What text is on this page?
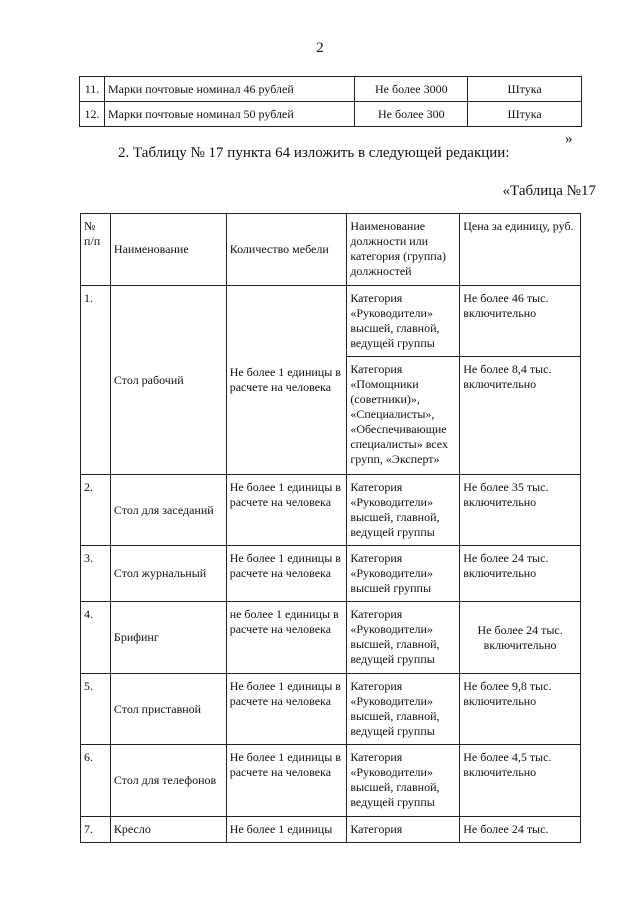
2
11.	Марки почтовые номинал 46 рублей	Не более 3000	Штука
12.	Марки почтовые номинал 50 рублей	Не более 300	Штука
»
2. Таблицу № 17 пункта 64 изложить в следующей редакции:
«Таблица №17
№ п/п	Наименование	Количество мебели	Наименование должности или категория (группа) должностей	Цена за единицу, руб.
1.	Стол рабочий	Не более 1 единицы в расчете на человека	Категория «Руководители» высшей, главной, ведущей группы	Не более 46 тыс. включительно
			Категория «Помощники (советники)», «Специалисты», «Обеспечивающие специалисты» всех групп, «Эксперт»	Не более 8,4 тыс. включительно
2.	Стол для заседаний	Не более 1 единицы в расчете на человека	Категория «Руководители» высшей, главной, ведущей группы	Не более 35 тыс. включительно
3.	Стол журнальный	Не более 1 единицы в расчете на человека	Категория «Руководители» высшей группы	Не более 24 тыс. включительно
4.	Брифинг	не более 1 единицы в расчете на человека	Категория «Руководители» высшей, главной, ведущей группы	Не более 24 тыс. включительно
5.	Стол приставной	Не более 1 единицы в расчете на человека	Категория «Руководители» высшей, главной, ведущей группы	Не более 9,8 тыс. включительно
6.	Стол для телефонов	Не более 1 единицы в расчете на человека	Категория «Руководители» высшей, главной, ведущей группы	Не более 4,5 тыс. включительно
7.	Кресло	Не более 1 единицы	Категория	Не более 24 тыс.
